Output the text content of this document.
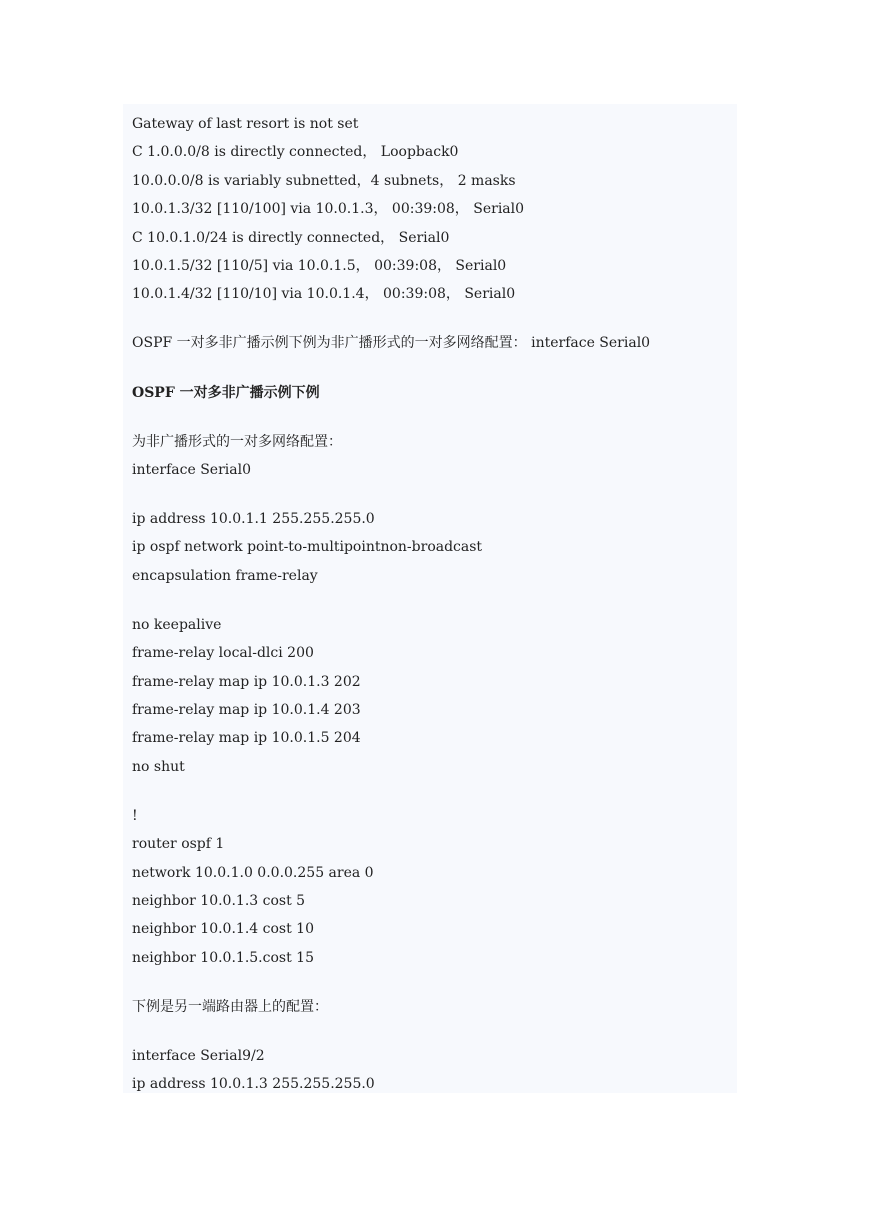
Gateway of last resort is not set
C 1.0.0.0/8 is directly connected， Loopback0
10.0.0.0/8 is variably subnetted，4 subnets， 2 masks
10.0.1.3/32 [110/100] via 10.0.1.3， 00:39:08， Serial0
C 10.0.1.0/24 is directly connected， Serial0
10.0.1.5/32 [110/5] via 10.0.1.5， 00:39:08， Serial0
10.0.1.4/32 [110/10] via 10.0.1.4， 00:39:08， Serial0
OSPF 一对多非广播示例下例为非广播形式的一对多网络配置： interface Serial0
OSPF 一对多非广播示例下例
为非广播形式的一对多网络配置：
interface Serial0
ip address 10.0.1.1 255.255.255.0
ip ospf network point-to-multipointnon-broadcast
encapsulation frame-relay
no keepalive
frame-relay local-dlci 200
frame-relay map ip 10.0.1.3 202
frame-relay map ip 10.0.1.4 203
frame-relay map ip 10.0.1.5 204
no shut
!
router ospf 1
network 10.0.1.0 0.0.0.255 area 0
neighbor 10.0.1.3 cost 5
neighbor 10.0.1.4 cost 10
neighbor 10.0.1.5.cost 15
下例是另一端路由器上的配置：
interface Serial9/2
ip address 10.0.1.3 255.255.255.0
